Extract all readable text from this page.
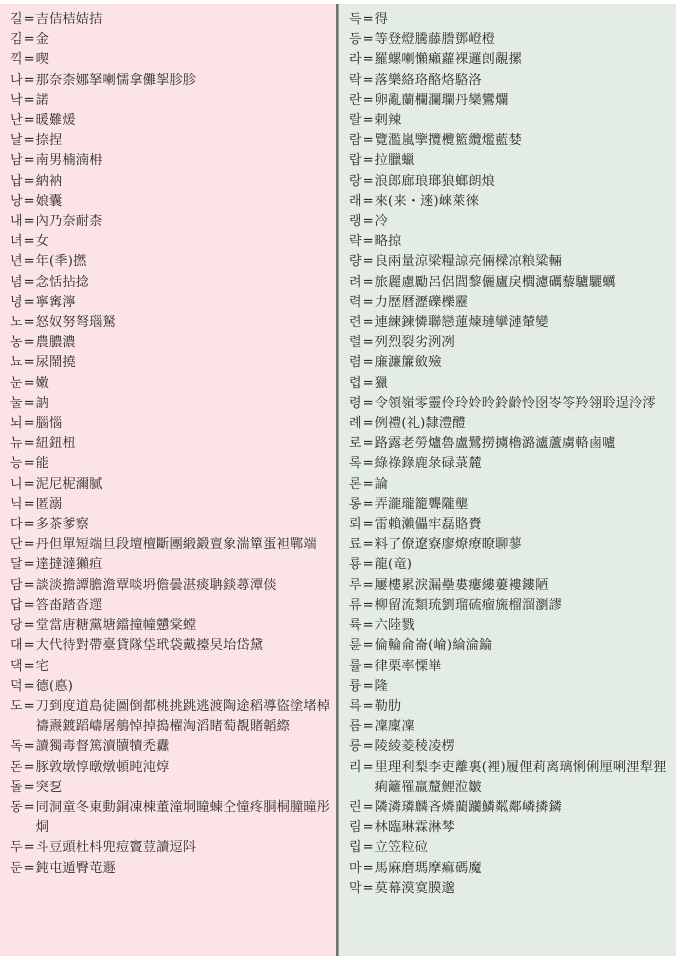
길 = 吉佶桔姞拮
김 = 金
끽 = 喫
나 = 那奈柰娜拏喇懦拿儺挐胗胗
낙 = 諾
난 = 暖難煖
날 = 捺捏
남 = 南男楠湳枏
납 = 納衲
낭 = 娘囊
내 = 內乃奈耐柰
녀 = 女
년 = 年(秊)撚
념 = 念恬拈捻
녕 = 寧寗濘
노 = 怒奴努弩瑙駑
농 = 農膿濃
뇨 = 尿鬧撓
눈 = 嫩
눌 = 訥
뇌 = 腦惱
뉴 = 紐鈕杻
능 = 能
니 = 泥尼柅濔膩
닉 = 匿溺
다 = 多茶爹察
단 = 丹但單短端旦段壇檀斷團緞鍛亶象湍簞蛋袒鄲端
달 = 達撻澾獺疸
담 = 談淡擔譚膽澹覃啖坍儋曇湛痰聃錟蕁潭倓
답 = 答畓踏沓遝
당 = 堂當唐糖黨塘鐺撞幢戇棠螳
대 = 大代待對帶臺貸隊垈玳袋戴擡旲坮岱黛
댁 = 宅
덕 = 德(悳)
도 = 刀到度道島徒圖倒都桃挑跳逃渡陶途稻導盜塗堵棹禱燾鍍蹈嶹屠鵃悼掉搗櫂淘滔睹萄覩賭韜縩
독 = 讀獨毒督篤瀆牘犢禿纛
돈 = 豚敦墩惇暾燉頓旽沌焞
돌 = 突乭
동 = 同洞童冬東動銅凍棟董潼垌瞳蝀仝憧疼胴桐朣曈彤烔
두 = 斗豆頭杜枓兜痘竇荳讀逗阧
둔 = 鈍屯遁臀芚遯
득 = 得
등 = 等登燈騰藤謄鄧嶝橙
라 = 羅螺喇懶癩蘿裸邏剆覶摞
락 = 落樂絡珞酪烙駱洛
란 = 卵亂蘭欄瀾瓓丹欒鸞爛
랄 = 剌辣
람 = 覽濫嵐擥攬欖籃纜爁藍婪
랍 = 拉臘蠟
랑 = 浪郎廊琅瑯狼螂朗烺
래 = 來(来・逨)崍萊徠
랭 = 冷
략 = 略掠
량 = 良兩量涼梁糧諒亮倆樑凉粮粱輛
려 = 旅麗慮勵呂侶閭黎儷廬戾櫚濾礪藜驢驪蠣
력 = 力歷曆瀝礫櫟靂
련 = 連練鍊憐聯戀蓮煉璉攣漣輦變
렬 = 列烈裂劣洌冽
렴 = 廉濂簾斂殮
렵 = 獵
령 = 令領嶺零靈伶玲姈昤鈴齡怜囹岺笭羚翎聆逞泠澪
례 = 例禮(礼)隸澧醴
로 = 路露老勞爐魯盧鷺撈擄櫓潞瀘蘆虜輅鹵嚧
록 = 綠祿錄鹿彔碌菉麓
론 = 論
롱 = 弄瀧瓏籠聾隴壟
뢰 = 雷賴瀨儡牢磊賂賚
료 = 料了僚遼寮廖燎療瞭聊蓼
룡 = 龍(竜)
루 = 屢樓累淚漏壘婁瘻縷蔞褸鏤陋
류 = 柳留流類琉劉瑠硫瘤旒榴溜瀏謬
륙 = 六陸戮
륜 = 倫輪侖崙(崘)綸淪錀
률 = 律栗率慄崋
륭 = 隆
륵 = 勒肋
름 = 凜廩凜
릉 = 陵綾菱稜凌楞
리 = 里理利梨李吏離裏(裡)履俚莉离璃悧俐厘唎浬犁狸痢籬罹羸釐鯉涖皺
린 = 隣潾璘麟吝燐藺躪鱗粼鄰嶙撛鏻
림 = 林臨琳霖淋棽
립 = 立笠粒砬
마 = 馬麻磨瑪摩痲碼魔
막 = 莫幕漠寞膜邈
